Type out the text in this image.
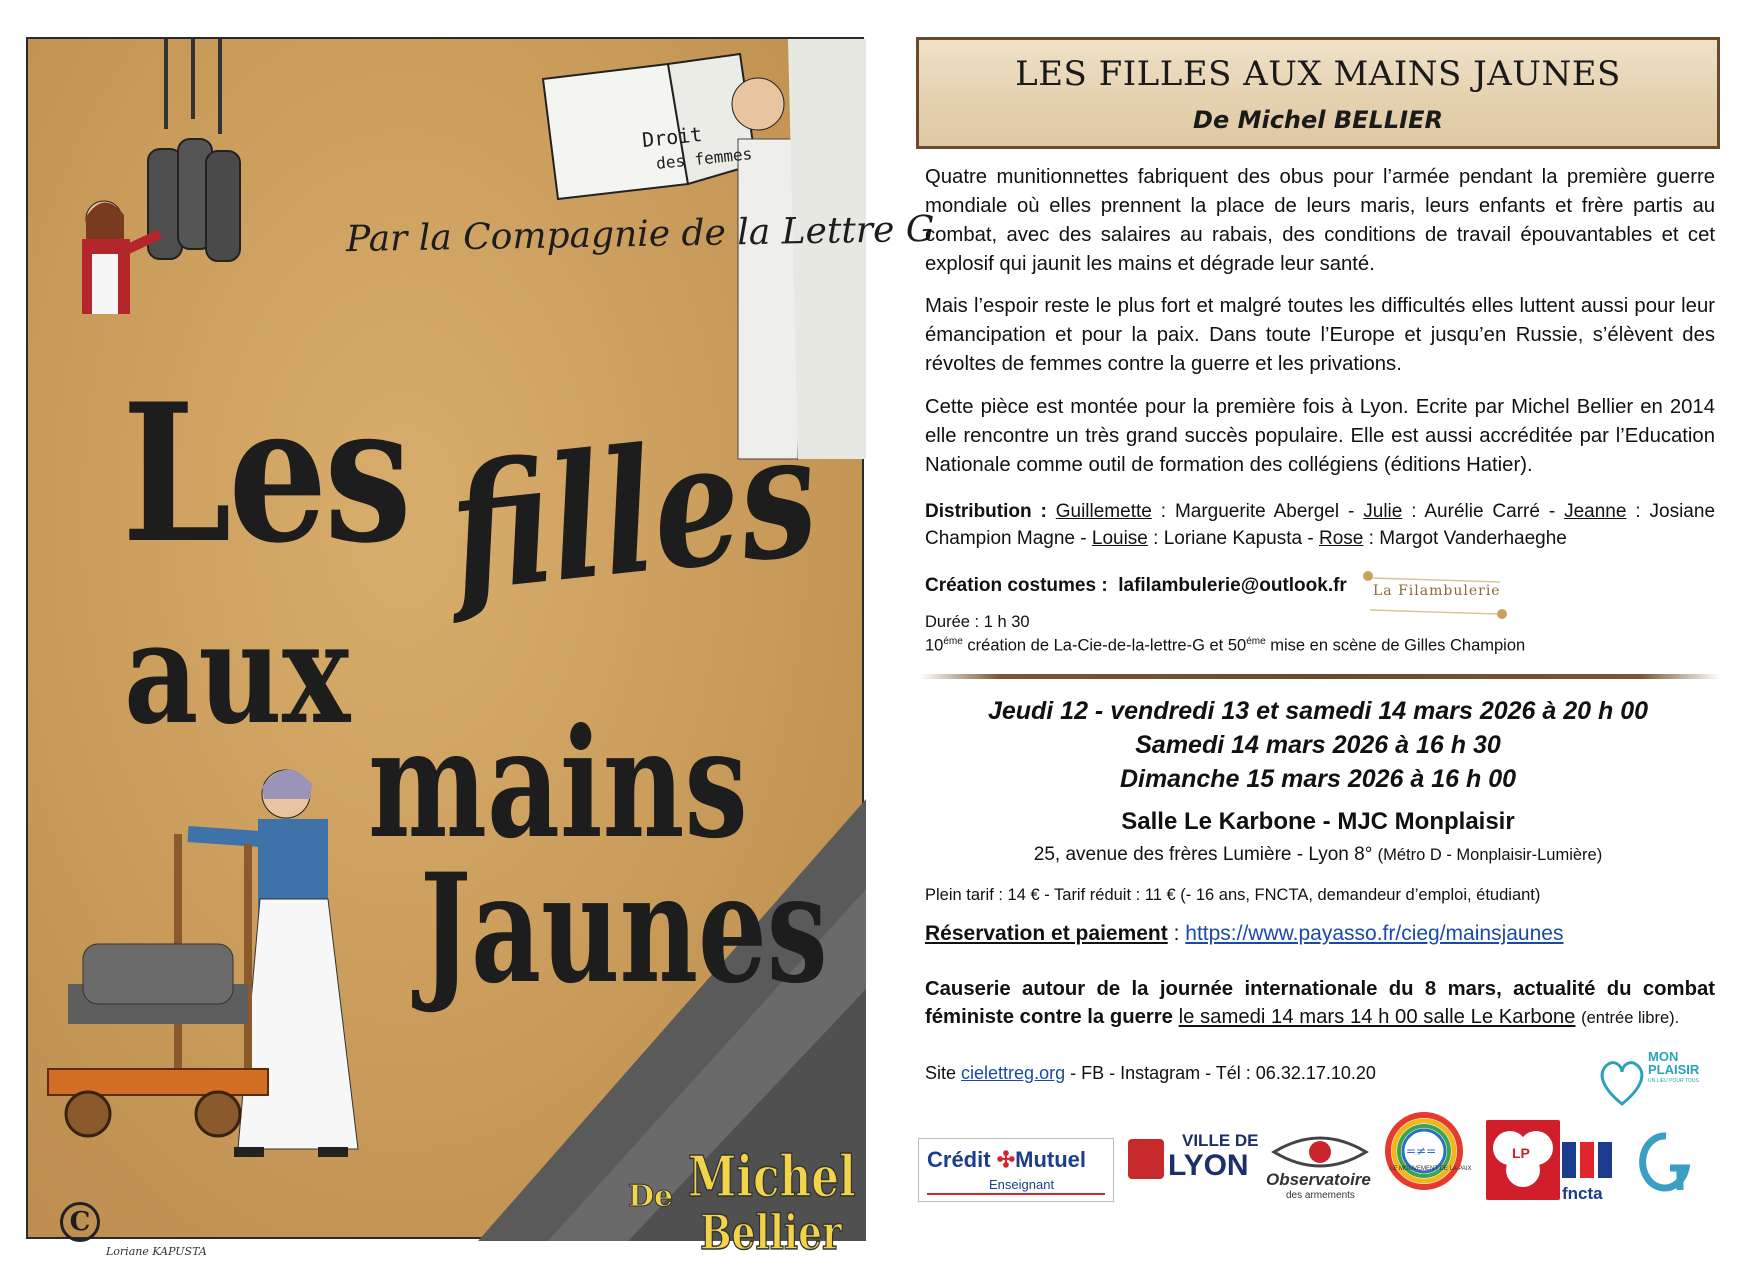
Droit
des femmes
Par la Compagnie de la Lettre G
Les filles
aux
mains
Jaunes
De Michel
Bellier
C
Loriane KAPUSTA
LES FILLES AUX MAINS JAUNES
De Michel BELLIER

Quatre munitionnettes fabriquent des obus pour l’armée pendant la première guerre mondiale où elles prennent la place de leurs maris, leurs enfants et frère partis au combat, avec des salaires au rabais, des conditions de travail épouvantables et cet explosif qui jaunit les mains et dégrade leur santé.

Mais l’espoir reste le plus fort et malgré toutes les difficultés elles luttent aussi pour leur émancipation et pour la paix. Dans toute l’Europe et jusqu’en Russie, s’élèvent des révoltes de femmes contre la guerre et les privations.

Cette pièce est montée pour la première fois à Lyon. Ecrite par Michel Bellier en 2014 elle rencontre un très grand succès populaire. Elle est aussi accréditée par l’Education Nationale comme outil de formation des collégiens (éditions Hatier).

Distribution : Guillemette : Marguerite Abergel - Julie : Aurélie Carré - Jeanne : Josiane Champion Magne - Louise : Loriane Kapusta - Rose : Margot Vanderhaeghe
Création costumes : lafilambulerie@outlook.fr La Filambulerie
Durée : 1 h 30
$10^{éme}$ création de La-Cie-de-la-lettre-G et $50^{éme}$ mise en scène de Gilles Champion
Jeudi 12 - vendredi 13 et samedi 14 mars 2026 à 20 h 00
Samedi 14 mars 2026 à 16 h 30
Dimanche 15 mars 2026 à 16 h 00
Salle Le Karbone - MJC Monplaisir
25, avenue des frères Lumière - Lyon 8° (Métro D - Monplaisir-Lumière)
Plein tarif : 14 € - Tarif réduit : 11 € (- 16 ans, FNCTA, demandeur d’emploi, étudiant)
Réservation et paiement : https://www.payasso.fr/cieg/mainsjaunes
Causerie autour de la journée internationale du 8 mars, actualité du combat féministe contre la guerre le samedi 14 mars 14 h 00 salle Le Karbone (entrée libre).
Site cielettreg.org - FB - Instagram - Tél : 06.32.17.10.20
MON
PLAISIR
UN LIEU POUR TOUS
Crédit ✣Mutuel
Enseignant
VILLE DE
LYON Observatoire
des armements
=≠=
LE MOUVEMENT DE LA PAIX
LP
fncta
